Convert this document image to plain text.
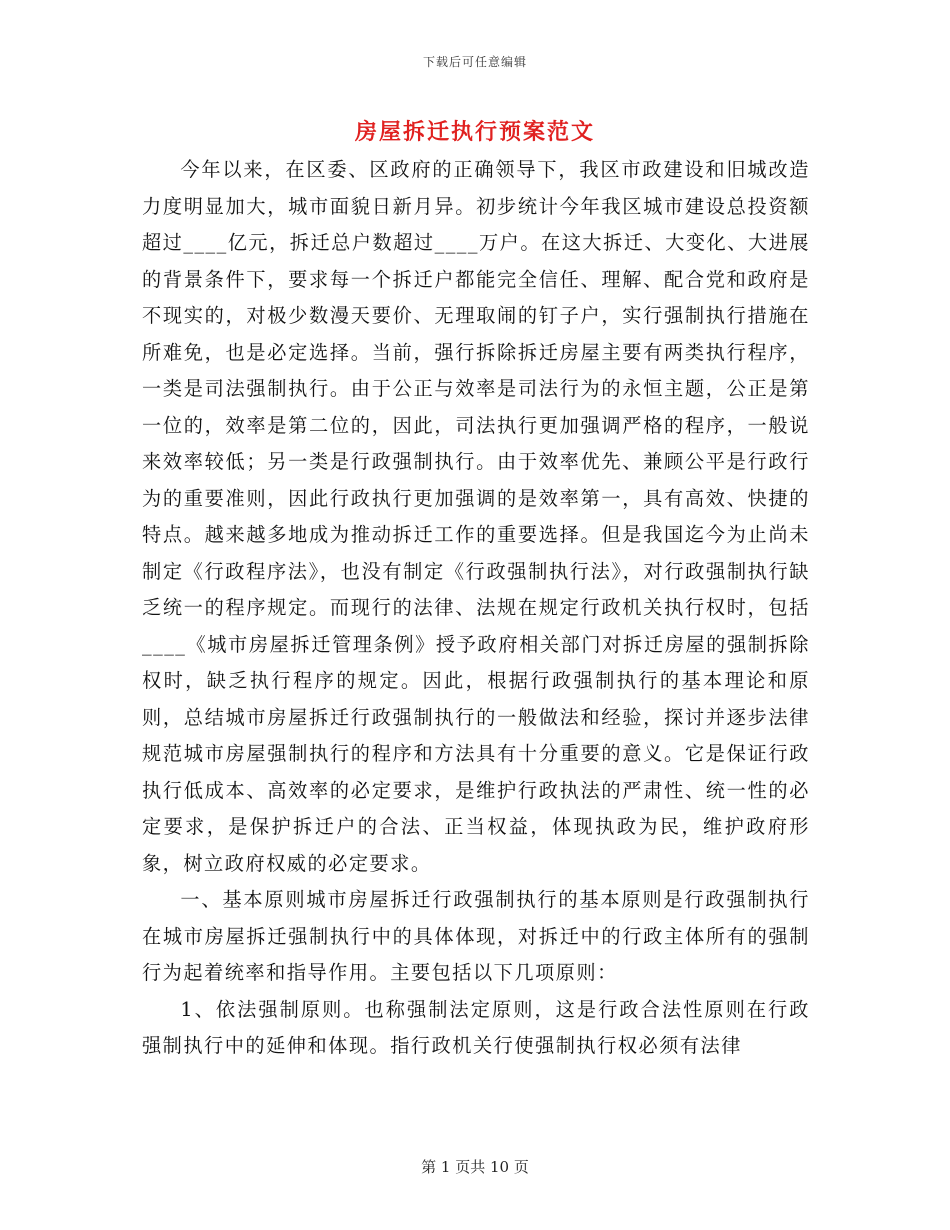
下载后可任意编辑
房屋拆迁执行预案范文

今年以来，在区委、区政府的正确领导下，我区市政建设和旧城改造力度明显加大，城市面貌日新月异。初步统计今年我区城市建设总投资额超过____亿元，拆迁总户数超过____万户。在这大拆迁、大变化、大进展的背景条件下，要求每一个拆迁户都能完全信任、理解、配合党和政府是不现实的，对极少数漫天要价、无理取闹的钉子户，实行强制执行措施在所难免，也是必定选择。当前，强行拆除拆迁房屋主要有两类执行程序，一类是司法强制执行。由于公正与效率是司法行为的永恒主题，公正是第一位的，效率是第二位的，因此，司法执行更加强调严格的程序，一般说来效率较低；另一类是行政强制执行。由于效率优先、兼顾公平是行政行为的重要准则，因此行政执行更加强调的是效率第一，具有高效、快捷的特点。越来越多地成为推动拆迁工作的重要选择。但是我国迄今为止尚未制定《行政程序法》，也没有制定《行政强制执行法》，对行政强制执行缺乏统一的程序规定。而现行的法律、法规在规定行政机关执行权时，包括____《城市房屋拆迁管理条例》授予政府相关部门对拆迁房屋的强制拆除权时，缺乏执行程序的规定。因此，根据行政强制执行的基本理论和原则，总结城市房屋拆迁行政强制执行的一般做法和经验，探讨并逐步法律规范城市房屋强制执行的程序和方法具有十分重要的意义。它是保证行政执行低成本、高效率的必定要求，是维护行政执法的严肃性、统一性的必定要求，是保护拆迁户的合法、正当权益，体现执政为民，维护政府形象，树立政府权威的必定要求。

一、基本原则城市房屋拆迁行政强制执行的基本原则是行政强制执行在城市房屋拆迁强制执行中的具体体现，对拆迁中的行政主体所有的强制行为起着统率和指导作用。主要包括以下几项原则：

1、依法强制原则。也称强制法定原则，这是行政合法性原则在行政强制执行中的延伸和体现。指行政机关行使强制执行权必须有法律

第 1 页共 10 页
